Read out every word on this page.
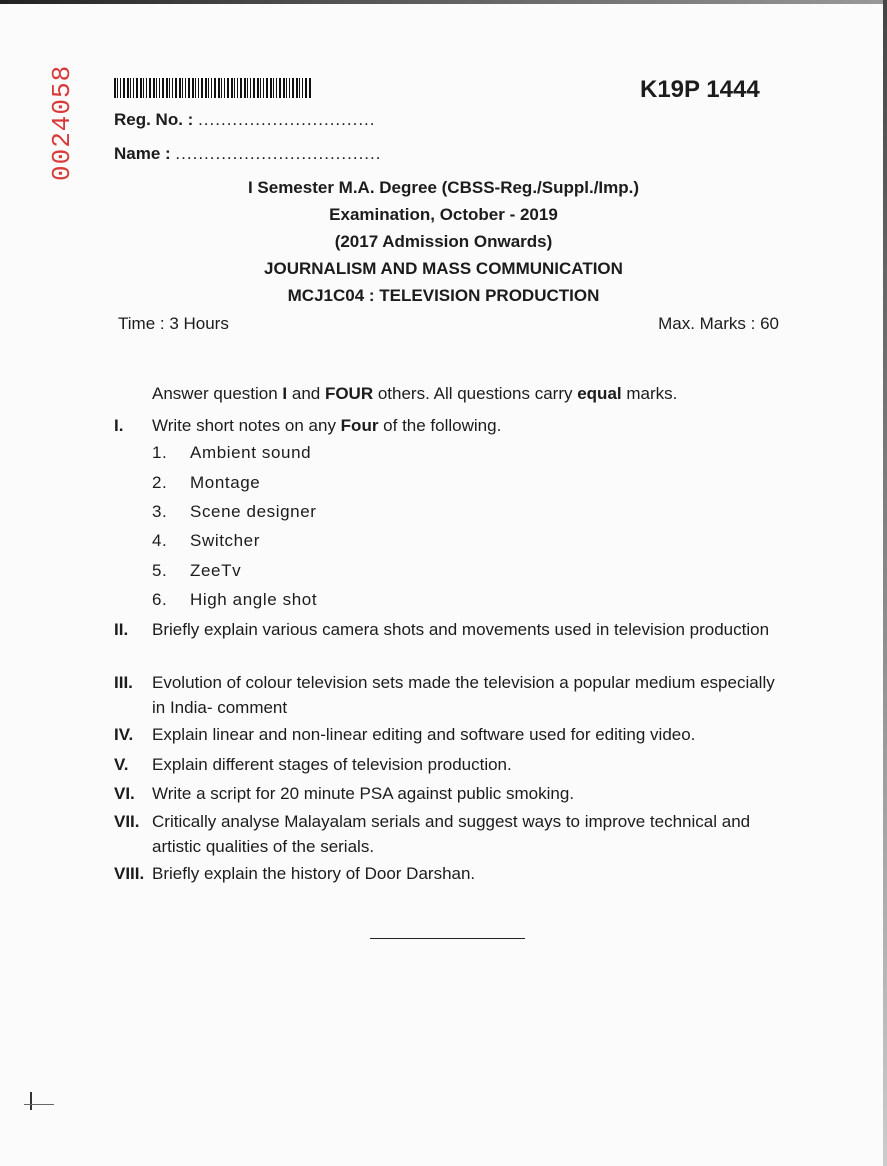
0024058	K19P 1444
Reg. No. : ...............................
Name : ....................................
I Semester M.A. Degree (CBSS-Reg./Suppl./Imp.)
Examination, October - 2019
(2017 Admission Onwards)
JOURNALISM AND MASS COMMUNICATION
MCJ1C04 : TELEVISION PRODUCTION
Time : 3 Hours	Max. Marks : 60
Answer question I and FOUR others. All questions carry equal marks.
I. Write short notes on any Four of the following.
1. Ambient sound
2. Montage
3. Scene designer
4. Switcher
5. ZeeTv
6. High angle shot
II. Briefly explain various camera shots and movements used in television production
III. Evolution of colour television sets made the television a popular medium especially in India- comment
IV. Explain linear and non-linear editing and software used for editing video.
V. Explain different stages of television production.
VI. Write a script for 20 minute PSA against public smoking.
VII. Critically analyse Malayalam serials and suggest ways to improve technical and artistic qualities of the serials.
VIII. Briefly explain the history of Door Darshan.
